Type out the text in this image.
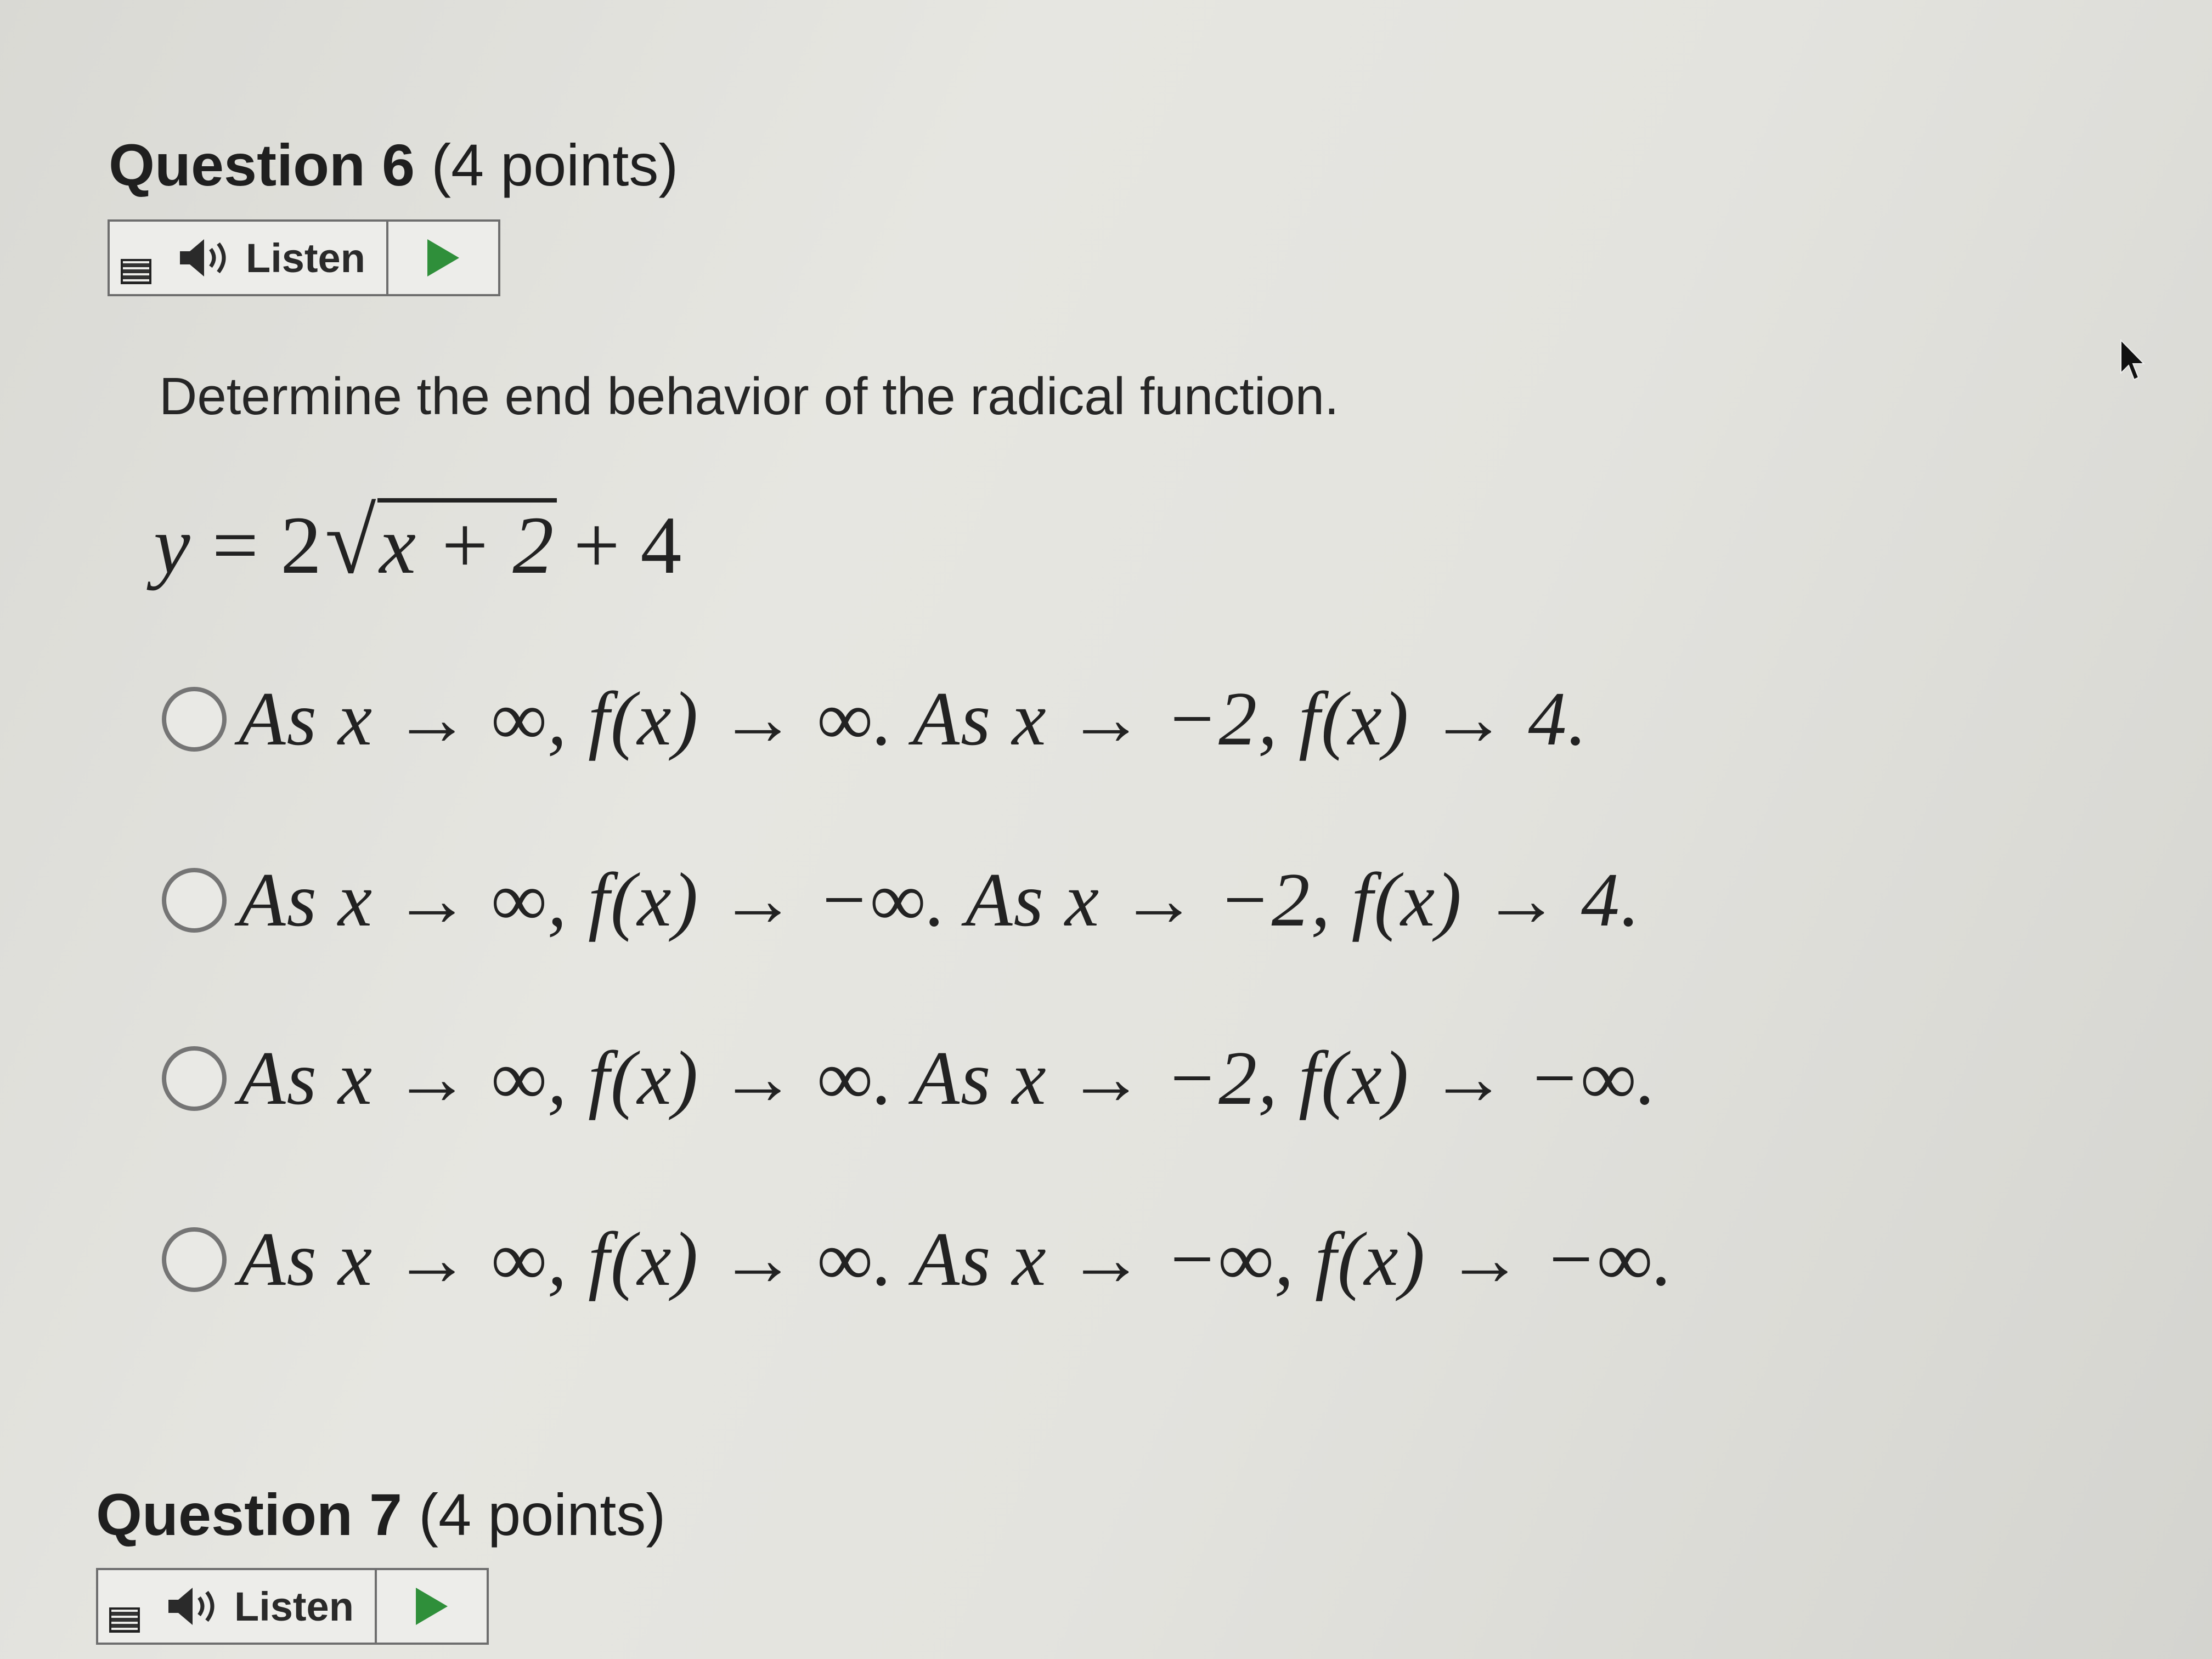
Question 6 (4 points)
Listen
Determine the end behavior of the radical function.
y = 2 √ x + 2 + 4
As x → ∞, f(x) → ∞. As x → −2, f(x) → 4.
As x → ∞, f(x) → −∞. As x → −2, f(x) → 4.
As x → ∞, f(x) → ∞. As x → −2, f(x) → −∞.
As x → ∞, f(x) → ∞. As x → −∞, f(x) → −∞.
Question 7 (4 points)
Listen
